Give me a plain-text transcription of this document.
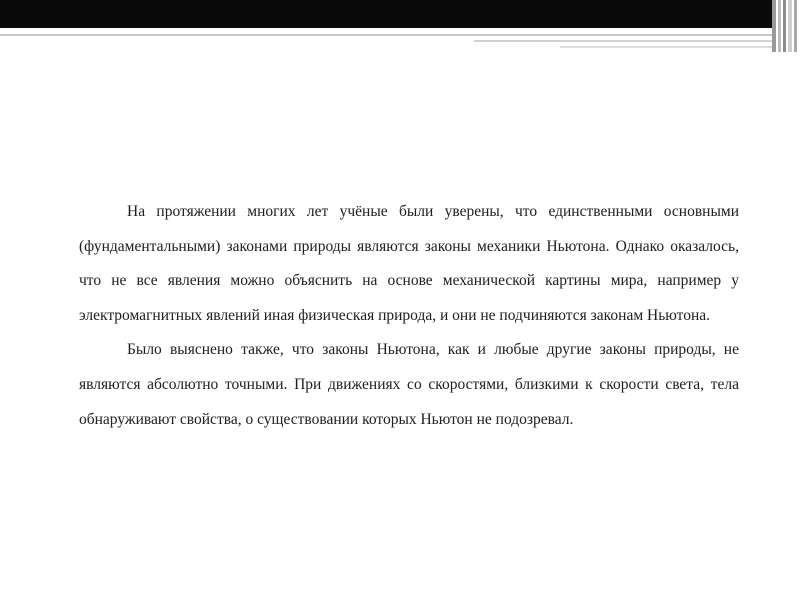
На протяжении многих лет учёные были уверены, что единственными основными (фундаментальными) законами природы являются законы механики Ньютона. Однако оказалось, что не все явления можно объяснить на основе механической картины мира, например у электромагнитных явлений иная физическая природа, и они не подчиняются законам Ньютона.

Было выяснено также, что законы Ньютона, как и любые другие законы природы, не являются абсолютно точными. При движениях со скоростями, близкими к скорости света, тела обнаруживают свойства, о существовании которых Ньютон не подозревал.
